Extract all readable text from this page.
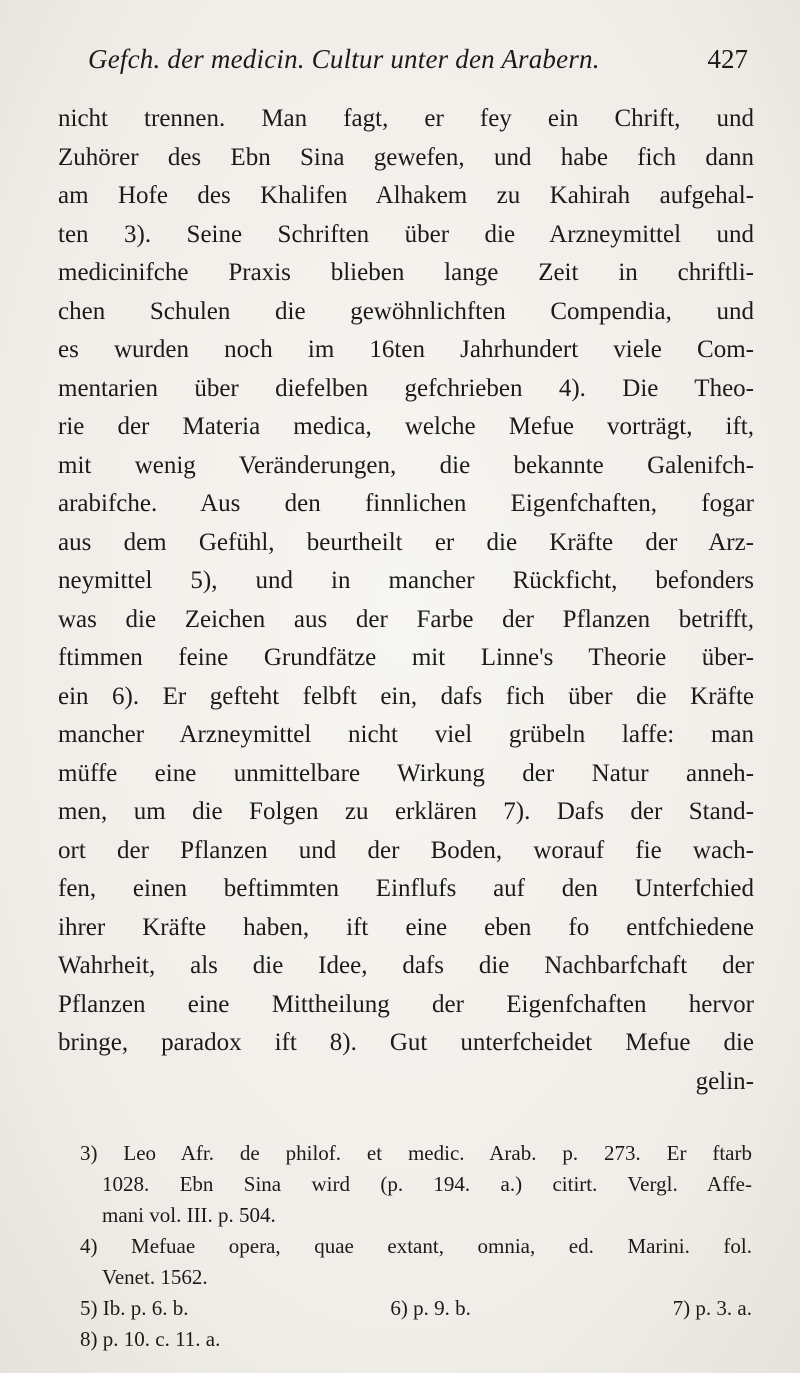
Gefch. der medicin. Cultur unter den Arabern.	427
nicht trennen. Man fagt, er fey ein Chrift, und
Zuhörer des Ebn Sina gewefen, und habe fich dann
am Hofe des Khalifen Alhakem zu Kahirah aufgehal-
ten 3). Seine Schriften über die Arzneymittel und
medicinifche Praxis blieben lange Zeit in chriftli-
chen Schulen die gewöhnlichften Compendia, und
es wurden noch im 16ten Jahrhundert viele Com-
mentarien über diefelben gefchrieben 4). Die Theo-
rie der Materia medica, welche Mefue vorträgt, ift,
mit wenig Veränderungen, die bekannte Galenifch-
arabifche. Aus den finnlichen Eigenfchaften, fogar
aus dem Gefühl, beurtheilt er die Kräfte der Arz-
neymittel 5), und in mancher Rückficht, befonders
was die Zeichen aus der Farbe der Pflanzen betrifft,
ftimmen feine Grundfätze mit Linne's Theorie über-
ein 6). Er gefteht felbft ein, dafs fich über die Kräfte
mancher Arzneymittel nicht viel grübeln laffe: man
müffe eine unmittelbare Wirkung der Natur anneh-
men, um die Folgen zu erklären 7). Dafs der Stand-
ort der Pflanzen und der Boden, worauf fie wach-
fen, einen beftimmten Einflufs auf den Unterfchied
ihrer Kräfte haben, ift eine eben fo entfchiedene
Wahrheit, als die Idee, dafs die Nachbarfchaft der
Pflanzen eine Mittheilung der Eigenfchaften hervor
bringe, paradox ift 8). Gut unterfcheidet Mefue die
gelin-
3) Leo Afr. de philof. et medic. Arab. p. 273. Er ftarb
1028. Ebn Sina wird (p. 194. a.) citirt. Vergl. Affe-
mani vol. III. p. 504.
4) Mefuae opera, quae extant, omnia, ed. Marini. fol.
Venet. 1562.
5) Ib. p. 6. b.	6) p. 9. b.	7) p. 3. a.
8) p. 10. c. 11. a.
